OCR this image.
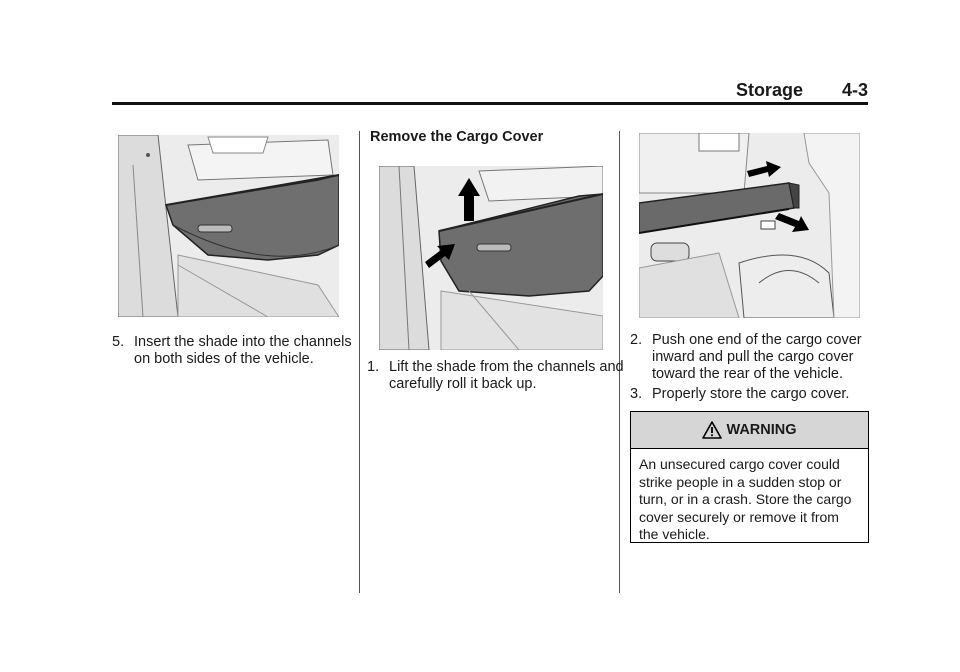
Storage 4-3
5. Insert the shade into the channels on both sides of the vehicle.
Remove the Cargo Cover
1. Lift the shade from the channels and carefully roll it back up.
2. Push one end of the cargo cover inward and pull the cargo cover toward the rear of the vehicle.
3. Properly store the cargo cover.
WARNING
An unsecured cargo cover could strike people in a sudden stop or turn, or in a crash. Store the cargo cover securely or remove it from the vehicle.
